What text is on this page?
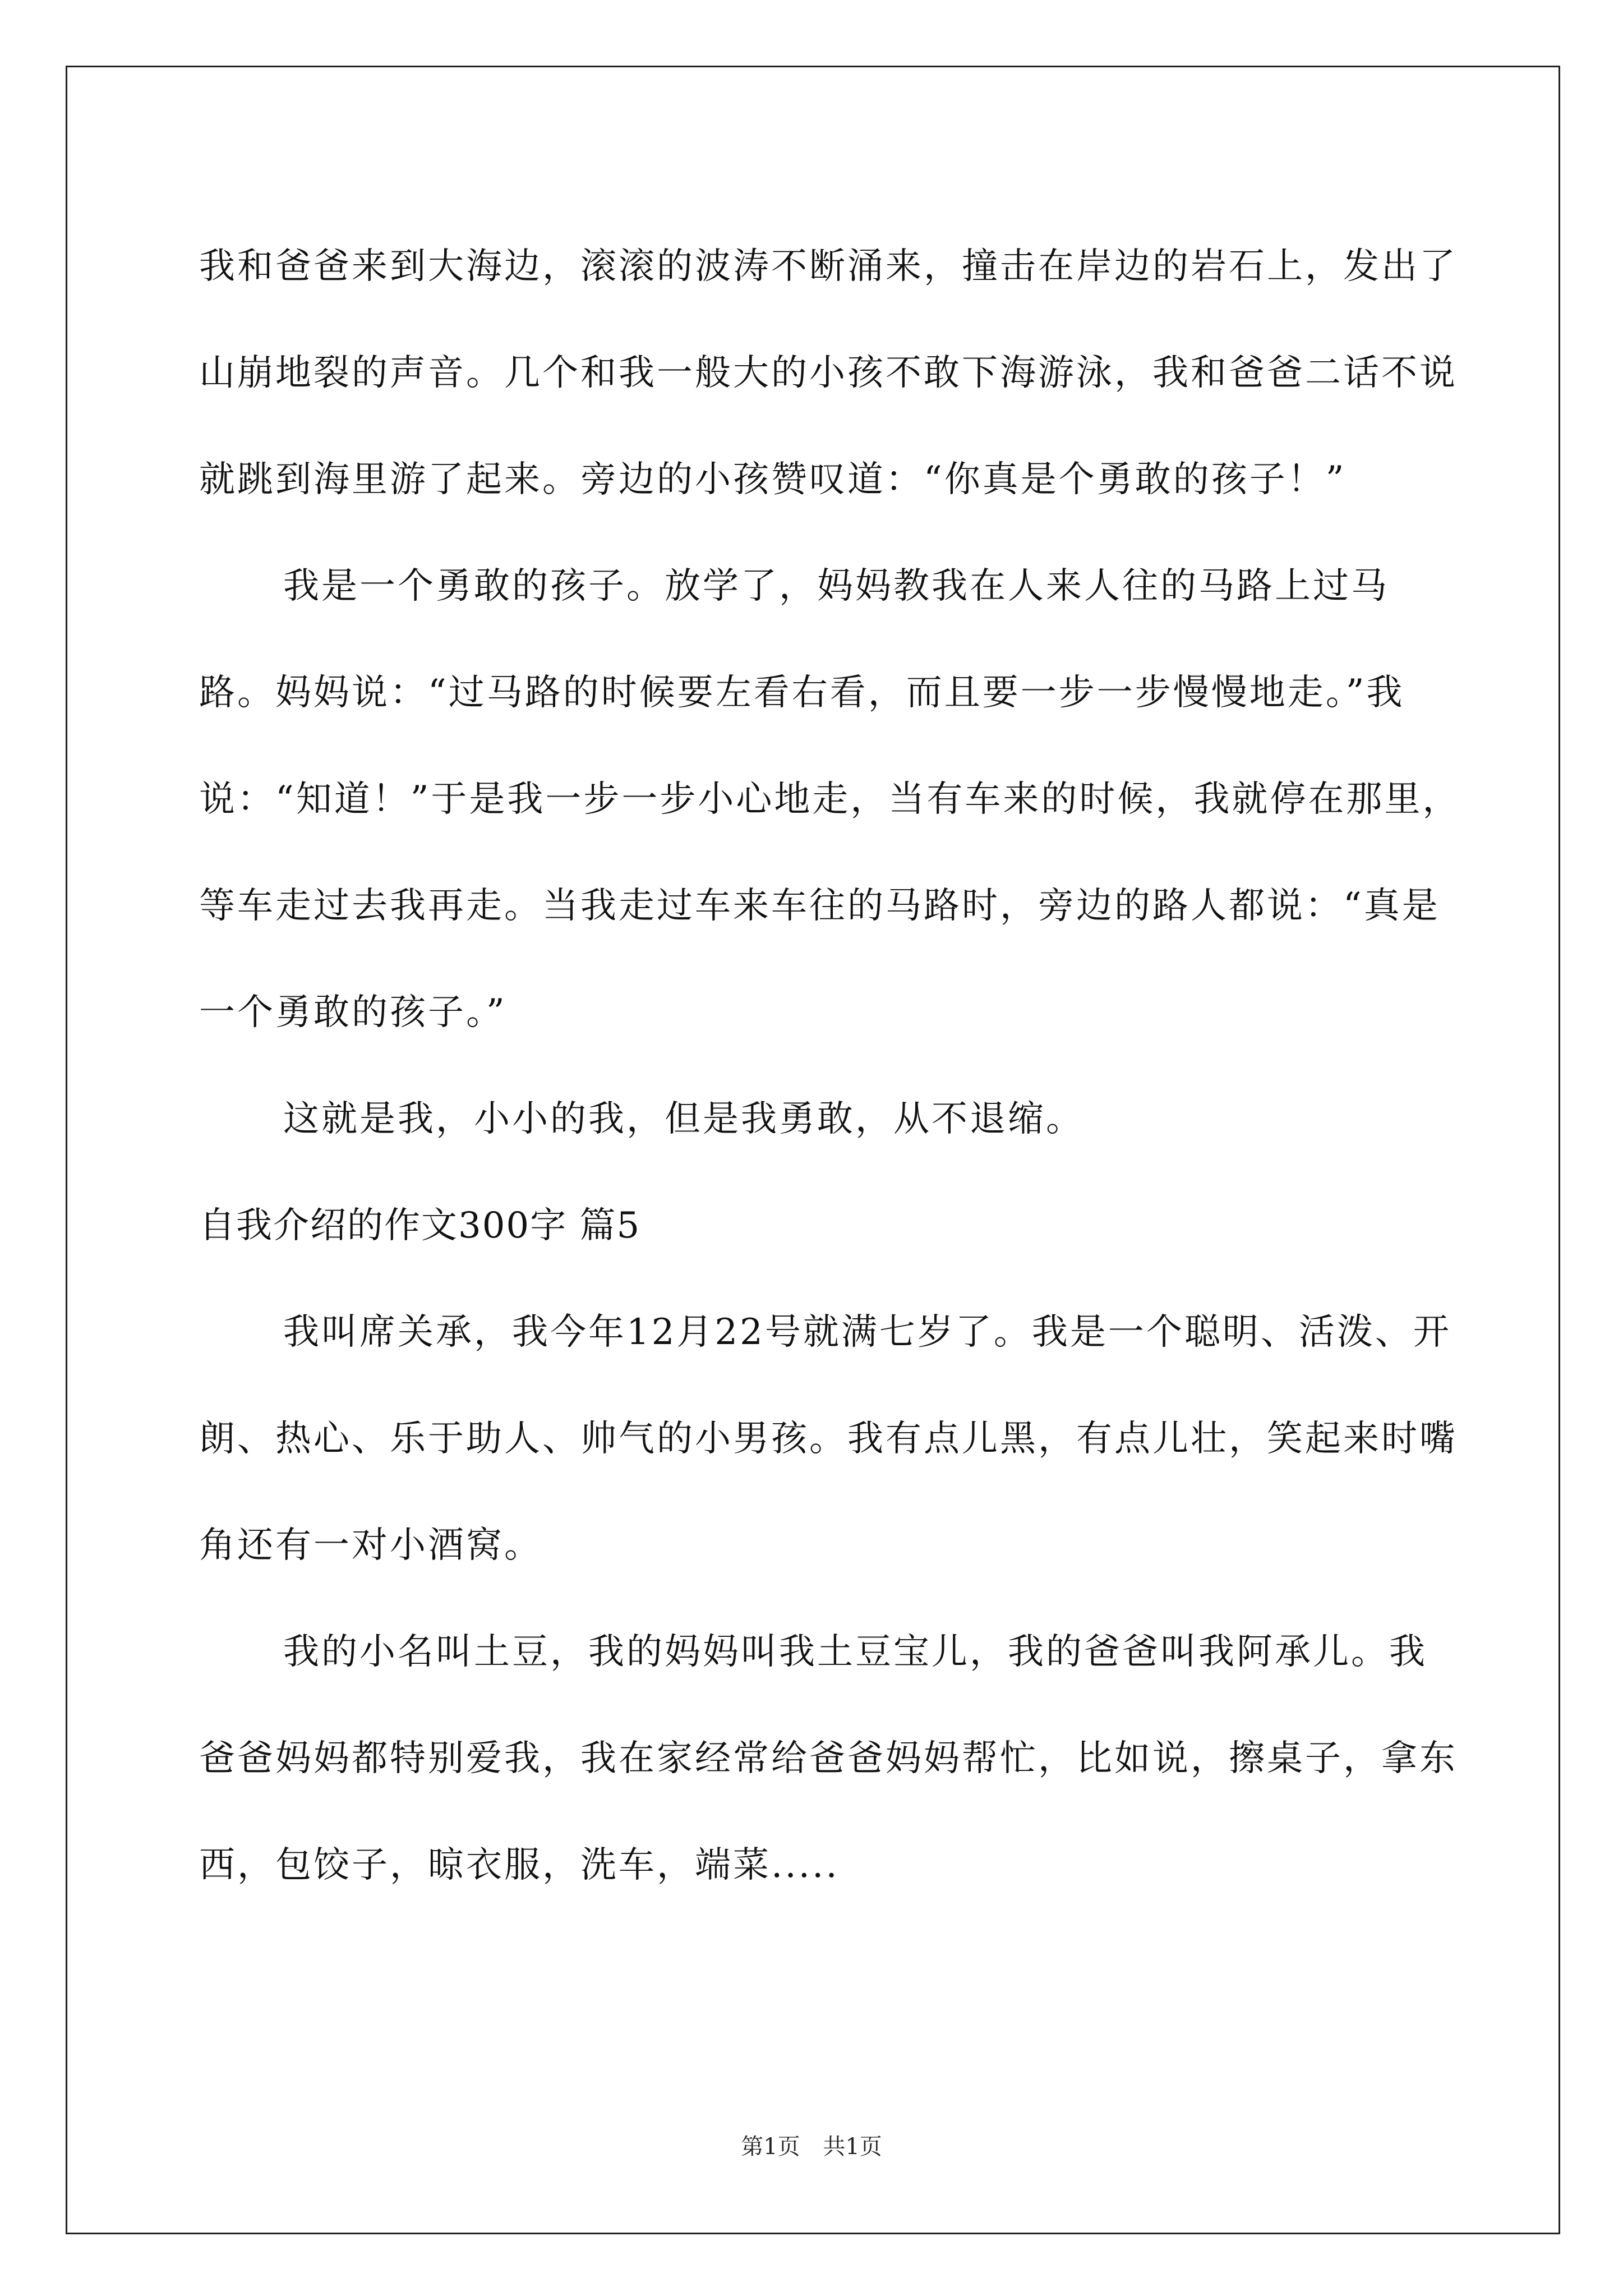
我和爸爸来到大海边，滚滚的波涛不断涌来，撞击在岸边的岩石上，发出了山崩地裂的声音。几个和我一般大的小孩不敢下海游泳，我和爸爸二话不说就跳到海里游了起来。旁边的小孩赞叹道：“你真是个勇敢的孩子！”

我是一个勇敢的孩子。放学了，妈妈教我在人来人往的马路上过马路。妈妈说：“过马路的时候要左看右看，而且要一步一步慢慢地走。”我说：“知道！”于是我一步一步小心地走，当有车来的时候，我就停在那里，等车走过去我再走。当我走过车来车往的马路时，旁边的路人都说：“真是一个勇敢的孩子。”

这就是我，小小的我，但是我勇敢，从不退缩。

自我介绍的作文300字 篇5

我叫席关承，我今年12月22号就满七岁了。我是一个聪明、活泼、开朗、热心、乐于助人、帅气的小男孩。我有点儿黑，有点儿壮，笑起来时嘴角还有一对小酒窝。

我的小名叫土豆，我的妈妈叫我土豆宝儿，我的爸爸叫我阿承儿。我爸爸妈妈都特别爱我，我在家经常给爸爸妈妈帮忙，比如说，擦桌子，拿东西，包饺子，晾衣服，洗车，端菜.....

第1页 共1页
